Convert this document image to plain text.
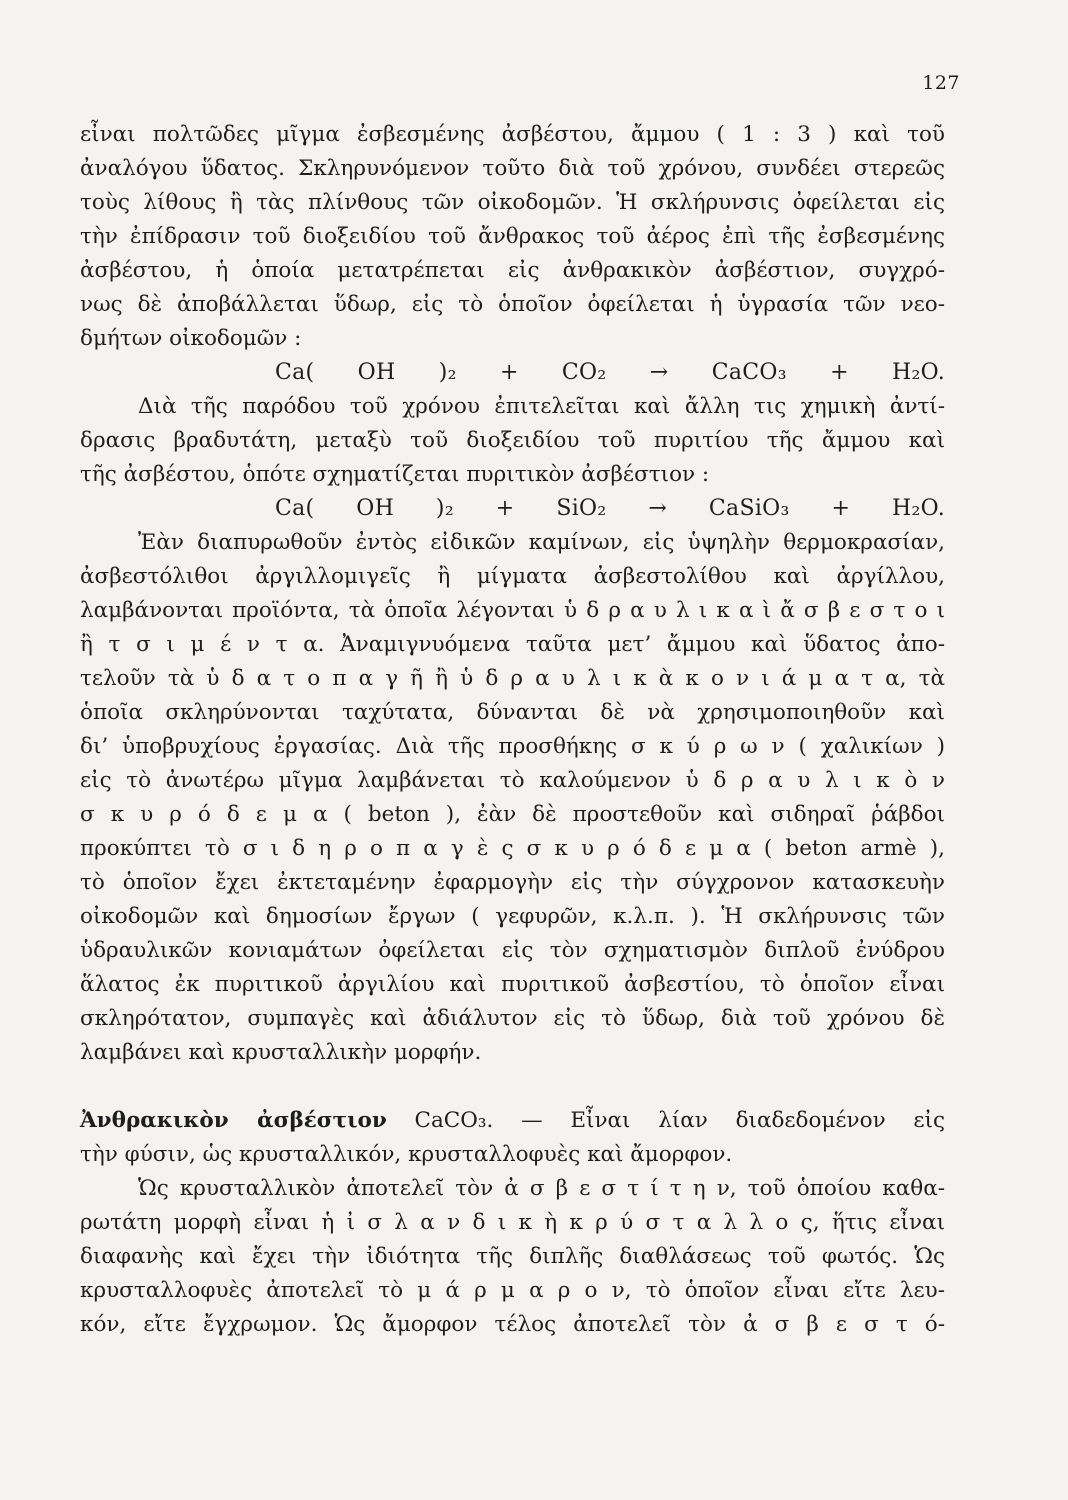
127

εἶναι πολτῶδες μῖγμα ἐσβεσμένης ἀσβέστου, ἄμμου ( 1 : 3 ) καὶ τοῦ

ἀναλόγου ὕδατος. Σκληρυνόμενον τοῦτο διὰ τοῦ χρόνου, συνδέει στερεῶς

τοὺς λίθους ἢ τὰς πλίνθους τῶν οἰκοδομῶν. Ἡ σκλήρυνσις ὀφείλεται εἰς

τὴν ἐπίδρασιν τοῦ διοξειδίου τοῦ ἄνθρακος τοῦ ἀέρος ἐπὶ τῆς ἐσβεσμένης

ἀσβέστου, ἡ ὁποία μετατρέπεται εἰς ἀνθρακικὸν ἀσβέστιον, συγχρό-

νως δὲ ἀποβάλλεται ὕδωρ, εἰς τὸ ὁποῖον ὀφείλεται ἡ ὑγρασία τῶν νεο-

δμήτων οἰκοδομῶν :

Ca( OH )₂ + CO₂ → CaCO₃ + H₂O.

Διὰ τῆς παρόδου τοῦ χρόνου ἐπιτελεῖται καὶ ἄλλη τις χημικὴ ἀντί-

δρασις βραδυτάτη, μεταξὺ τοῦ διοξειδίου τοῦ πυριτίου τῆς ἄμμου καὶ

τῆς ἀσβέστου, ὁπότε σχηματίζεται πυριτικὸν ἀσβέστιον :

Ca( OH )₂ + SiO₂ → CaSiO₃ + H₂O.

Ἐὰν διαπυρωθοῦν ἐντὸς εἰδικῶν καμίνων, εἰς ὑψηλὴν θερμοκρασίαν,

ἀσβεστόλιθοι ἀργιλλομιγεῖς ἢ μίγματα ἀσβεστολίθου καὶ ἀργίλλου,

λαμβάνονται προϊόντα, τὰ ὁποῖα λέγονται ὑ δ ρ α υ λ ι κ α ὶ ἄ σ β ε σ τ ο ι

ἢ τ σ ι μ έ ν τ α. Ἀναμιγνυόμενα ταῦτα μετ’ ἄμμου καὶ ὕδατος ἀπο-

τελοῦν τὰ ὑ δ α τ ο π α γ ῆ ἢ ὑ δ ρ α υ λ ι κ ὰ κ ο ν ι ά μ α τ α, τὰ

ὁποῖα σκληρύνονται ταχύτατα, δύνανται δὲ νὰ χρησιμοποιηθοῦν καὶ

δι’ ὑποβρυχίους ἐργασίας. Διὰ τῆς προσθήκης σ κ ύ ρ ω ν ( χαλικίων )

εἰς τὸ ἀνωτέρω μῖγμα λαμβάνεται τὸ καλούμενον ὑ δ ρ α υ λ ι κ ὸ ν

σ κ υ ρ ό δ ε μ α ( beton ), ἐὰν δὲ προστεθοῦν καὶ σιδηραῖ ῥάβδοι

προκύπτει τὸ σ ι δ η ρ ο π α γ ὲ ς σ κ υ ρ ό δ ε μ α ( beton armè ),

τὸ ὁποῖον ἔχει ἐκτεταμένην ἐφαρμογὴν εἰς τὴν σύγχρονον κατασκευὴν

οἰκοδομῶν καὶ δημοσίων ἔργων ( γεφυρῶν, κ.λ.π. ). Ἡ σκλήρυνσις τῶν

ὑδραυλικῶν κονιαμάτων ὀφείλεται εἰς τὸν σχηματισμὸν διπλοῦ ἐνύδρου

ἅλατος ἐκ πυριτικοῦ ἀργιλίου καὶ πυριτικοῦ ἀσβεστίου, τὸ ὁποῖον εἶναι

σκληρότατον, συμπαγὲς καὶ ἀδιάλυτον εἰς τὸ ὕδωρ, διὰ τοῦ χρόνου δὲ

λαμβάνει καὶ κρυσταλλικὴν μορφήν.

Ἀνθρακικὸν ἀσβέστιον CaCO₃. — Εἶναι λίαν διαδεδομένον εἰς

τὴν φύσιν, ὡς κρυσταλλικόν, κρυσταλλοφυὲς καὶ ἄμορφον.

Ὡς κρυσταλλικὸν ἀποτελεῖ τὸν ἀ σ β ε σ τ ί τ η ν, τοῦ ὁποίου καθα-

ρωτάτη μορφὴ εἶναι ἡ ἰ σ λ α ν δ ι κ ὴ κ ρ ύ σ τ α λ λ ο ς, ἥτις εἶναι

διαφανὴς καὶ ἔχει τὴν ἰδιότητα τῆς διπλῆς διαθλάσεως τοῦ φωτός. Ὡς

κρυσταλλοφυὲς ἀποτελεῖ τὸ μ ά ρ μ α ρ ο ν, τὸ ὁποῖον εἶναι εἴτε λευ-

κόν, εἴτε ἔγχρωμον. Ὡς ἄμορφον τέλος ἀποτελεῖ τὸν ἀ σ β ε σ τ ό-
